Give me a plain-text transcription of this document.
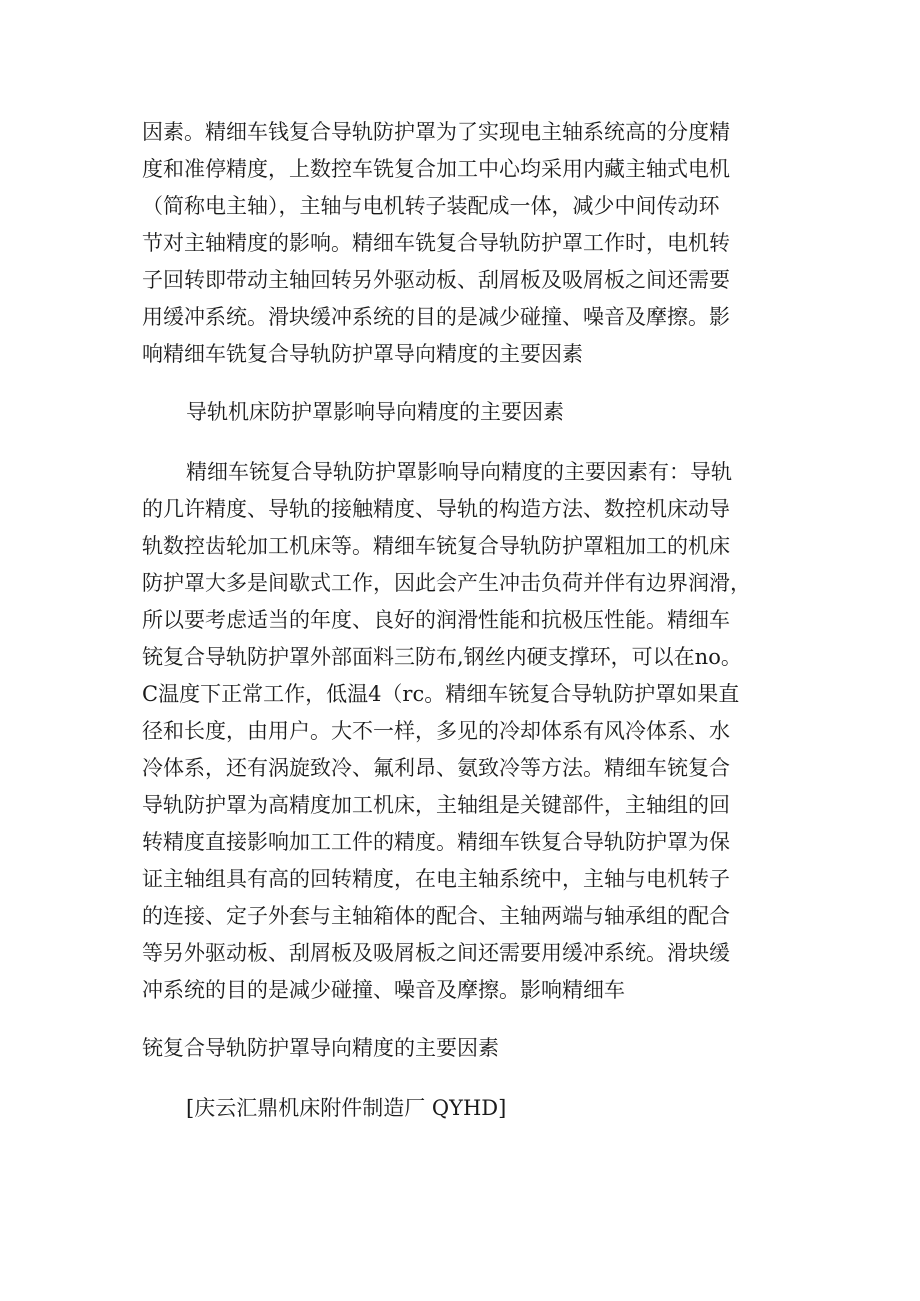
因素。精细车钱复合导轨防护罩为了实现电主轴系统高的分度精
度和准停精度，上数控车铣复合加工中心均采用内藏主轴式电机
（简称电主轴），主轴与电机转子装配成一体，减少中间传动环
节对主轴精度的影响。精细车铣复合导轨防护罩工作时，电机转
子回转即带动主轴回转另外驱动板、刮屑板及吸屑板之间还需要
用缓冲系统。滑块缓冲系统的目的是减少碰撞、噪音及摩擦。影
响精细车铣复合导轨防护罩导向精度的主要因素
导轨机床防护罩影响导向精度的主要因素
精细车铳复合导轨防护罩影响导向精度的主要因素有：导轨
的几许精度、导轨的接触精度、导轨的构造方法、数控机床动导
轨数控齿轮加工机床等。精细车铳复合导轨防护罩粗加工的机床
防护罩大多是间歇式工作，因此会产生冲击负荷并伴有边界润滑，
所以要考虑适当的年度、良好的润滑性能和抗极压性能。精细车
铳复合导轨防护罩外部面料三防布,钢丝内硬支撑环，可以在no。
C温度下正常工作，低温4（rc。精细车铳复合导轨防护罩如果直
径和长度，由用户。大不一样，多见的冷却体系有风冷体系、水
冷体系，还有涡旋致冷、氟利昂、氨致冷等方法。精细车铳复合
导轨防护罩为高精度加工机床，主轴组是关键部件，主轴组的回
转精度直接影响加工工件的精度。精细车铁复合导轨防护罩为保
证主轴组具有高的回转精度，在电主轴系统中，主轴与电机转子
的连接、定子外套与主轴箱体的配合、主轴两端与轴承组的配合
等另外驱动板、刮屑板及吸屑板之间还需要用缓冲系统。滑块缓
冲系统的目的是减少碰撞、噪音及摩擦。影响精细车
铳复合导轨防护罩导向精度的主要因素
[庆云汇鼎机床附件制造厂 QYHD]
